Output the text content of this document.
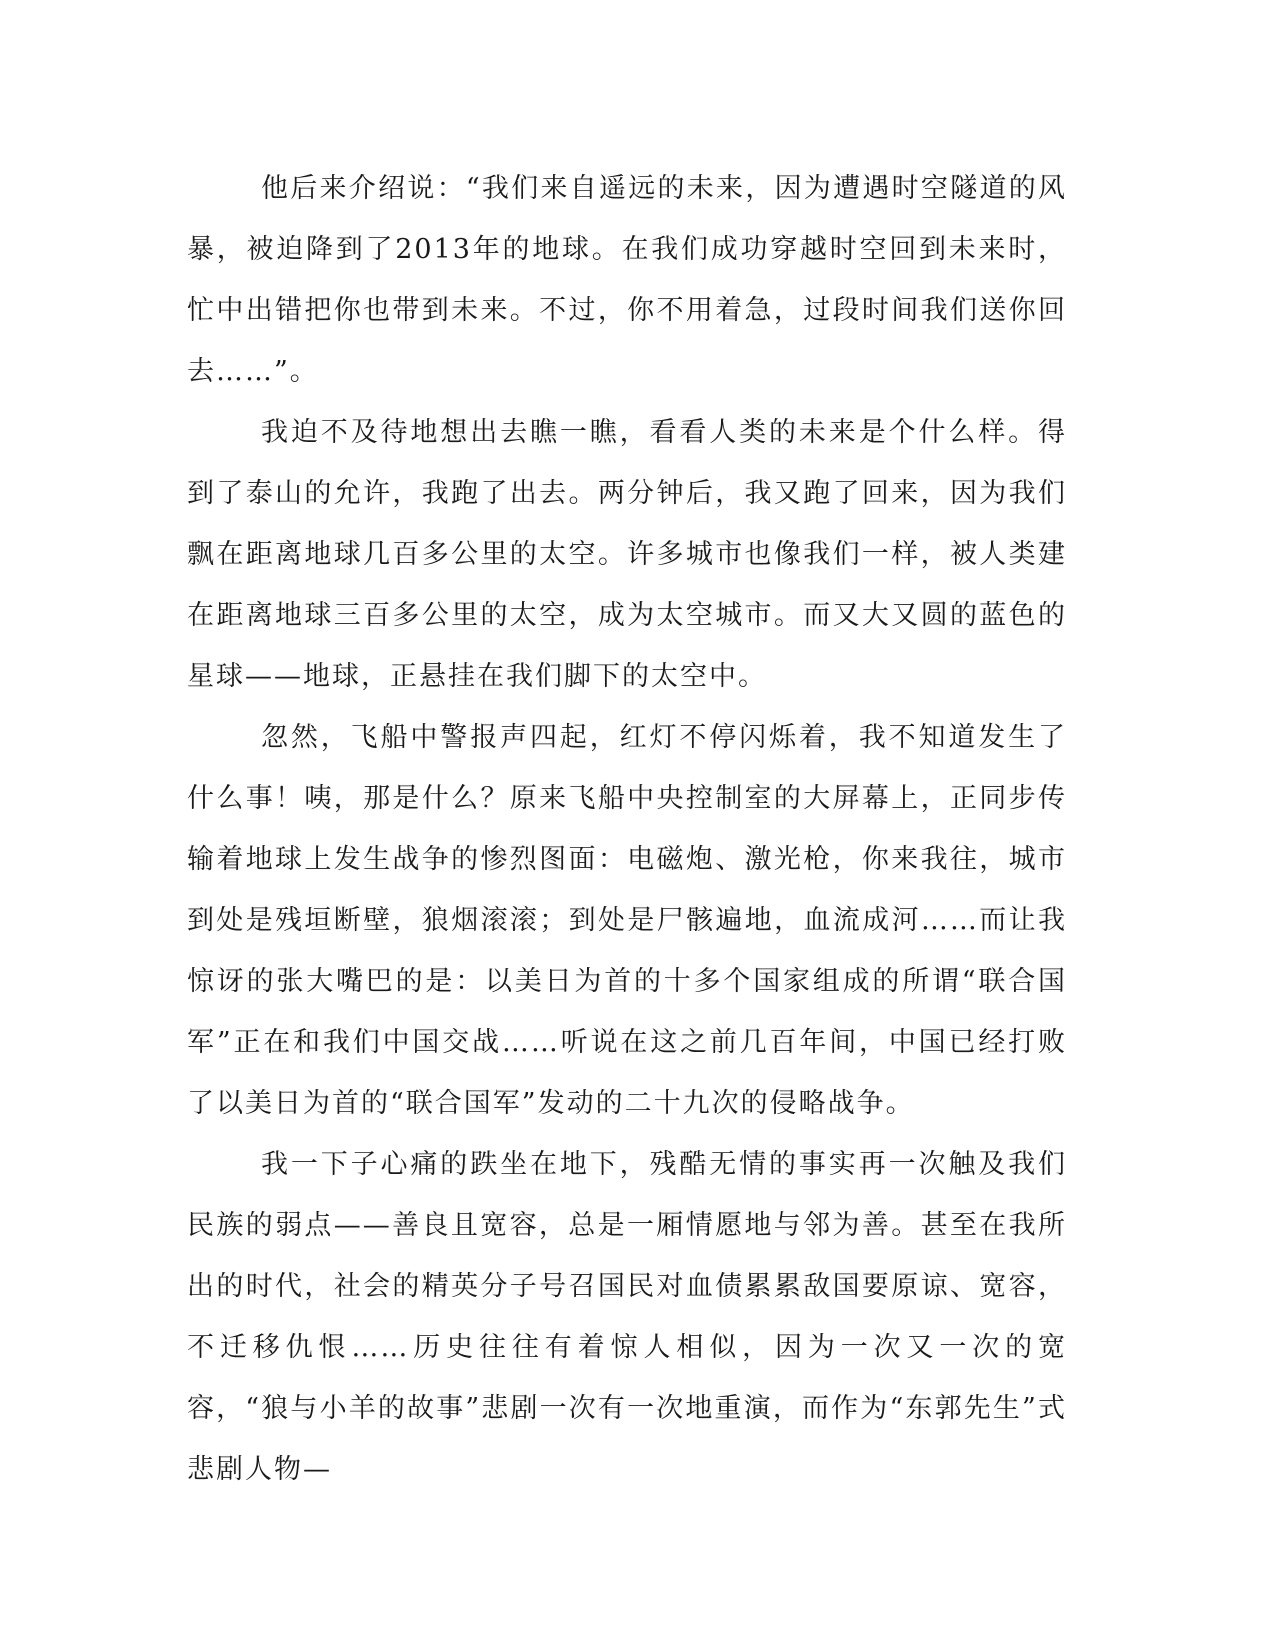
他后来介绍说：“我们来自遥远的未来，因为遭遇时空隧道的风暴，被迫降到了2013年的地球。在我们成功穿越时空回到未来时，忙中出错把你也带到未来。不过，你不用着急，过段时间我们送你回去……”。

我迫不及待地想出去瞧一瞧，看看人类的未来是个什么样。得到了泰山的允许，我跑了出去。两分钟后，我又跑了回来，因为我们飘在距离地球几百多公里的太空。许多城市也像我们一样，被人类建在距离地球三百多公里的太空，成为太空城市。而又大又圆的蓝色的星球——地球，正悬挂在我们脚下的太空中。

忽然，飞船中警报声四起，红灯不停闪烁着，我不知道发生了什么事！咦，那是什么？原来飞船中央控制室的大屏幕上，正同步传输着地球上发生战争的惨烈图面：电磁炮、激光枪，你来我往，城市到处是残垣断壁，狼烟滚滚；到处是尸骸遍地，血流成河……而让我惊讶的张大嘴巴的是：以美日为首的十多个国家组成的所谓“联合国军”正在和我们中国交战……听说在这之前几百年间，中国已经打败了以美日为首的“联合国军”发动的二十九次的侵略战争。

我一下子心痛的跌坐在地下，残酷无情的事实再一次触及我们民族的弱点——善良且宽容，总是一厢情愿地与邻为善。甚至在我所出的时代，社会的精英分子号召国民对血债累累敌国要原谅、宽容，不迁移仇恨……历史往往有着惊人相似，因为一次又一次的宽容，“狼与小羊的故事”悲剧一次有一次地重演，而作为“东郭先生”式悲剧人物—
